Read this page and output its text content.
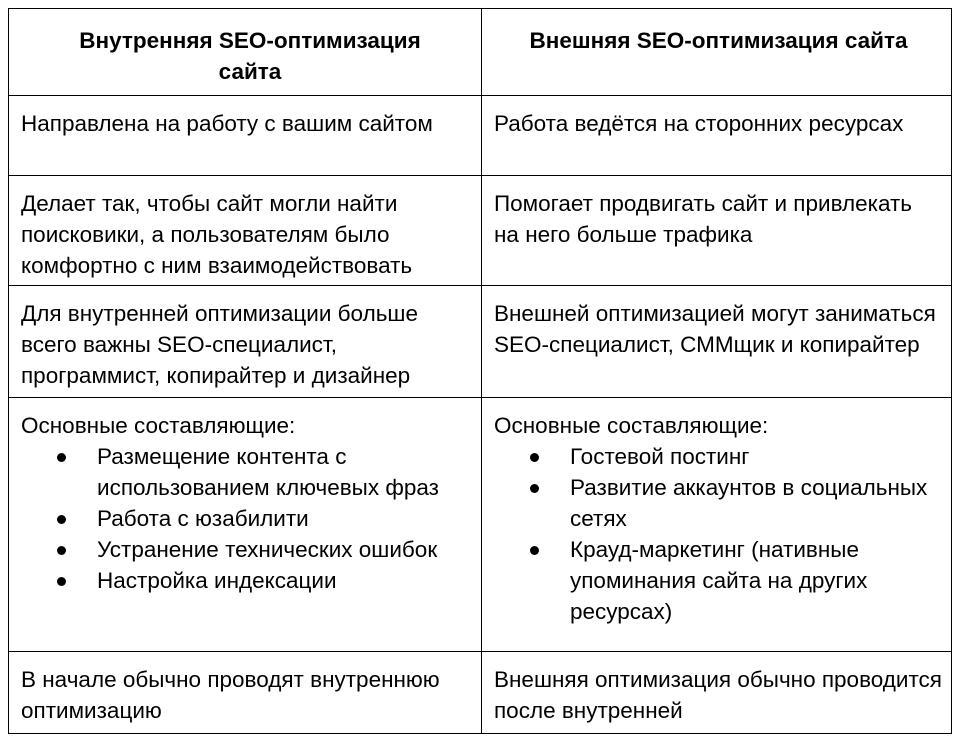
Внутренняя SEO-оптимизация сайта
Внешняя SEO-оптимизация сайта
Направлена на работу с вашим сайтом	Работа ведётся на сторонних ресурсах
Делает так, чтобы сайт могли найти поисковики, а пользователям было комфортно с ним взаимодействовать
Помогает продвигать сайт и привлекать на него больше трафика
Для внутренней оптимизации больше всего важны SEO-специалист, программист, копирайтер и дизайнер
Внешней оптимизацией могут заниматься SEO-специалист, СММщик и копирайтер
Основные составляющие:
Размещение контента с использованием ключевых фраз
Работа с юзабилити
Устранение технических ошибок
Настройка индексации
Основные составляющие:
Гостевой постинг
Развитие аккаунтов в социальных сетях
Крауд-маркетинг (нативные упоминания сайта на других ресурсах)
В начале обычно проводят внутреннюю оптимизацию
Внешняя оптимизация обычно проводится после внутренней
